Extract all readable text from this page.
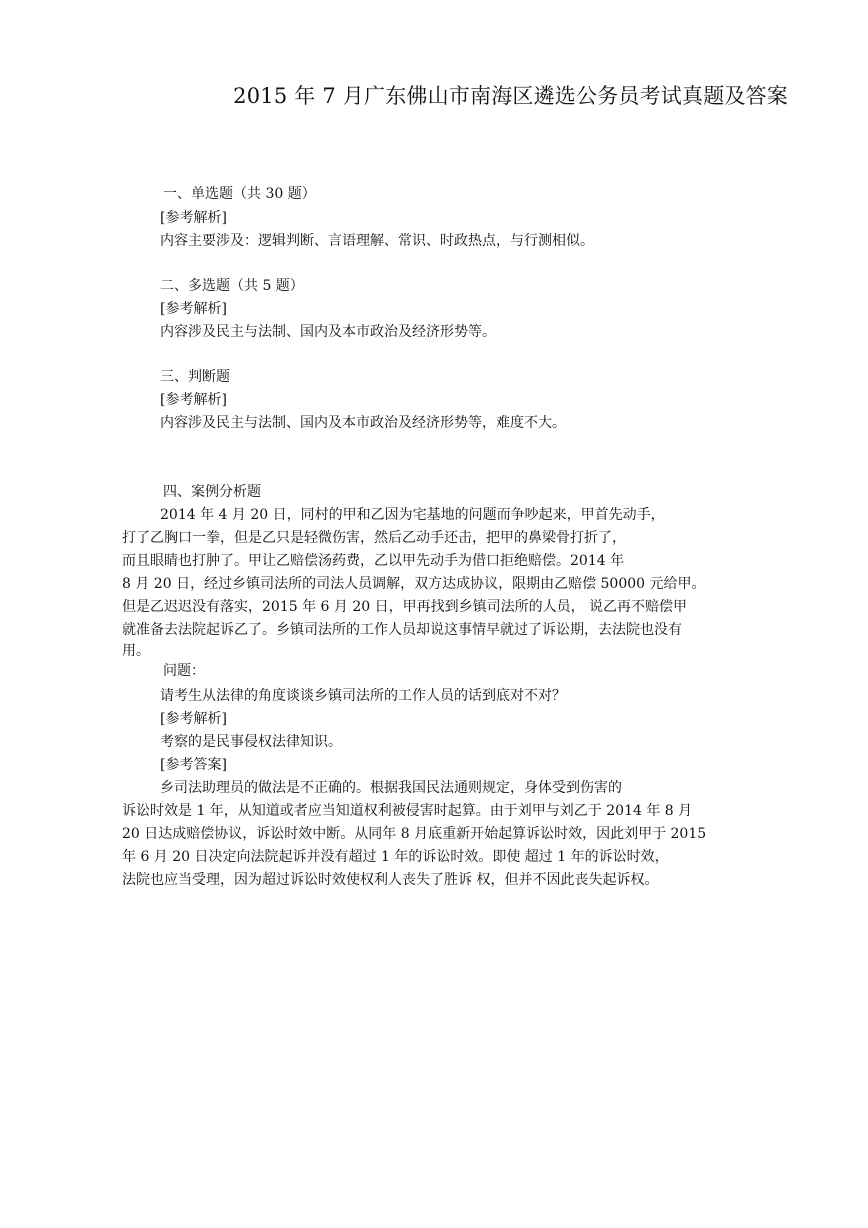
2015 年 7 月广东佛山市南海区遴选公务员考试真题及答案
一、单选题（共 30 题）
[参考解析]
内容主要涉及：逻辑判断、言语理解、常识、时政热点，与行测相似。
二、多选题（共 5 题）
[参考解析]
内容涉及民主与法制、国内及本市政治及经济形势等。
三、判断题
[参考解析]
内容涉及民主与法制、国内及本市政治及经济形势等，难度不大。
四、案例分析题
2014 年 4 月 20 日，同村的甲和乙因为宅基地的问题而争吵起来，甲首先动手，
打了乙胸口一拳，但是乙只是轻微伤害，然后乙动手还击，把甲的鼻梁骨打折了，
而且眼睛也打肿了。甲让乙赔偿汤药费，乙以甲先动手为借口拒绝赔偿。2014 年
8 月 20 日，经过乡镇司法所的司法人员调解，双方达成协议，限期由乙赔偿 50000 元给甲。
但是乙迟迟没有落实，2015 年 6 月 20 日，甲再找到乡镇司法所的人员， 说乙再不赔偿甲
就准备去法院起诉乙了。乡镇司法所的工作人员却说这事情早就过了诉讼期，去法院也没有
用。
问题：
请考生从法律的角度谈谈乡镇司法所的工作人员的话到底对不对？
[参考解析]
考察的是民事侵权法律知识。
[参考答案]
乡司法助理员的做法是不正确的。根据我国民法通则规定，身体受到伤害的
诉讼时效是 1 年，从知道或者应当知道权利被侵害时起算。由于刘甲与刘乙于 2014 年 8 月
20 日达成赔偿协议，诉讼时效中断。从同年 8 月底重新开始起算诉讼时效，因此刘甲于 2015
年 6 月 20 日决定向法院起诉并没有超过 1 年的诉讼时效。即使 超过 1 年的诉讼时效，
法院也应当受理，因为超过诉讼时效使权利人丧失了胜诉 权，但并不因此丧失起诉权。
